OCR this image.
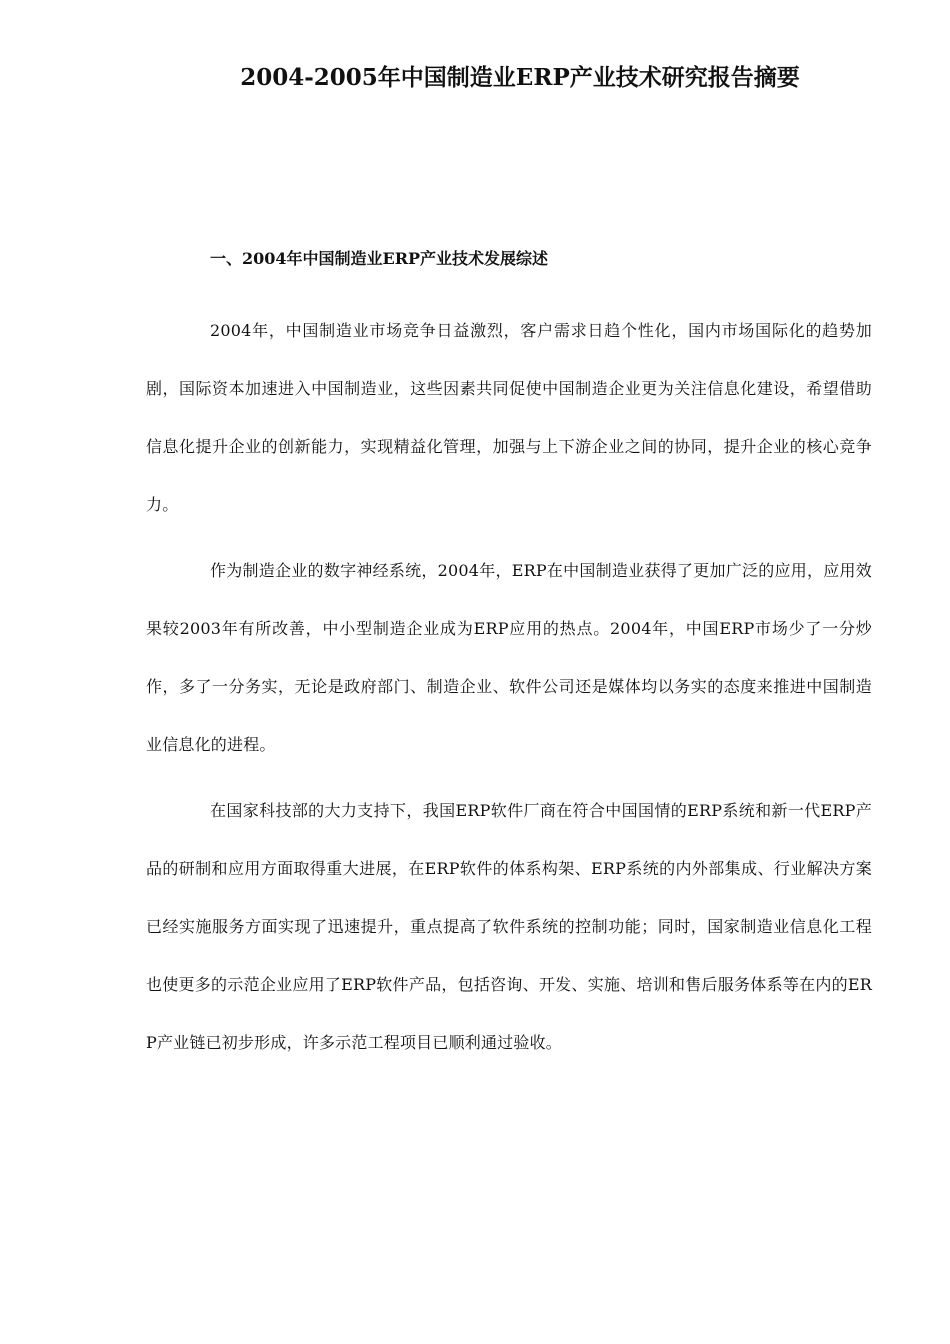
2004-2005年中国制造业ERP产业技术研究报告摘要
一、2004年中国制造业ERP产业技术发展综述

2004年，中国制造业市场竞争日益激烈，客户需求日趋个性化，国内市场国际化的趋势加剧，国际资本加速进入中国制造业，这些因素共同促使中国制造企业更为关注信息化建设，希望借助信息化提升企业的创新能力，实现精益化管理，加强与上下游企业之间的协同，提升企业的核心竞争力。

作为制造企业的数字神经系统，2004年，ERP在中国制造业获得了更加广泛的应用，应用效果较2003年有所改善，中小型制造企业成为ERP应用的热点。2004年，中国ERP市场少了一分炒作，多了一分务实，无论是政府部门、制造企业、软件公司还是媒体均以务实的态度来推进中国制造业信息化的进程。

在国家科技部的大力支持下，我国ERP软件厂商在符合中国国情的ERP系统和新一代ERP产品的研制和应用方面取得重大进展，在ERP软件的体系构架、ERP系统的内外部集成、行业解决方案已经实施服务方面实现了迅速提升，重点提高了软件系统的控制功能；同时，国家制造业信息化工程也使更多的示范企业应用了ERP软件产品，包括咨询、开发、实施、培训和售后服务体系等在内的ERP产业链已初步形成，许多示范工程项目已顺利通过验收。
